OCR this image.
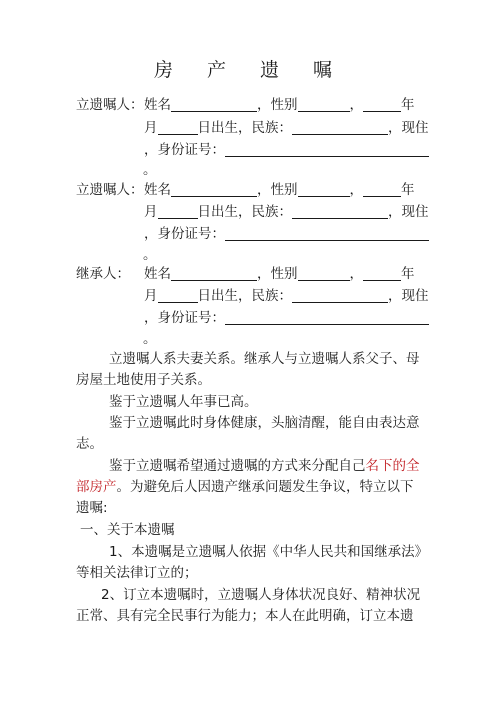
房 产 遗 嘱
立遗嘱人：姓名	，性别	，	年
月	日出生，民族：	，现住
，身份证号：
。
立遗嘱人：姓名	，性别	，	年
月	日出生，民族：	，现住
，身份证号：
。
继承人： 姓名	，性别	，	年
月	日出生，民族：	，现住
，身份证号：
。
立遗嘱人系夫妻关系。继承人与立遗嘱人系父子、母
房屋土地使用子关系。
鉴于立遗嘱人年事已高。
鉴于立遗嘱此时身体健康，头脑清醒，能自由表达意
志。
鉴于立遗嘱希望通过遗嘱的方式来分配自己名下的全
部房产。为避免后人因遗产继承问题发生争议，特立以下
遗嘱:
一、关于本遗嘱
1、本遗嘱是立遗嘱人依据《中华人民共和国继承法》
等相关法律订立的；
2、订立本遗嘱时，立遗嘱人身体状况良好、精神状况
正常、具有完全民事行为能力；本人在此明确，订立本遗
